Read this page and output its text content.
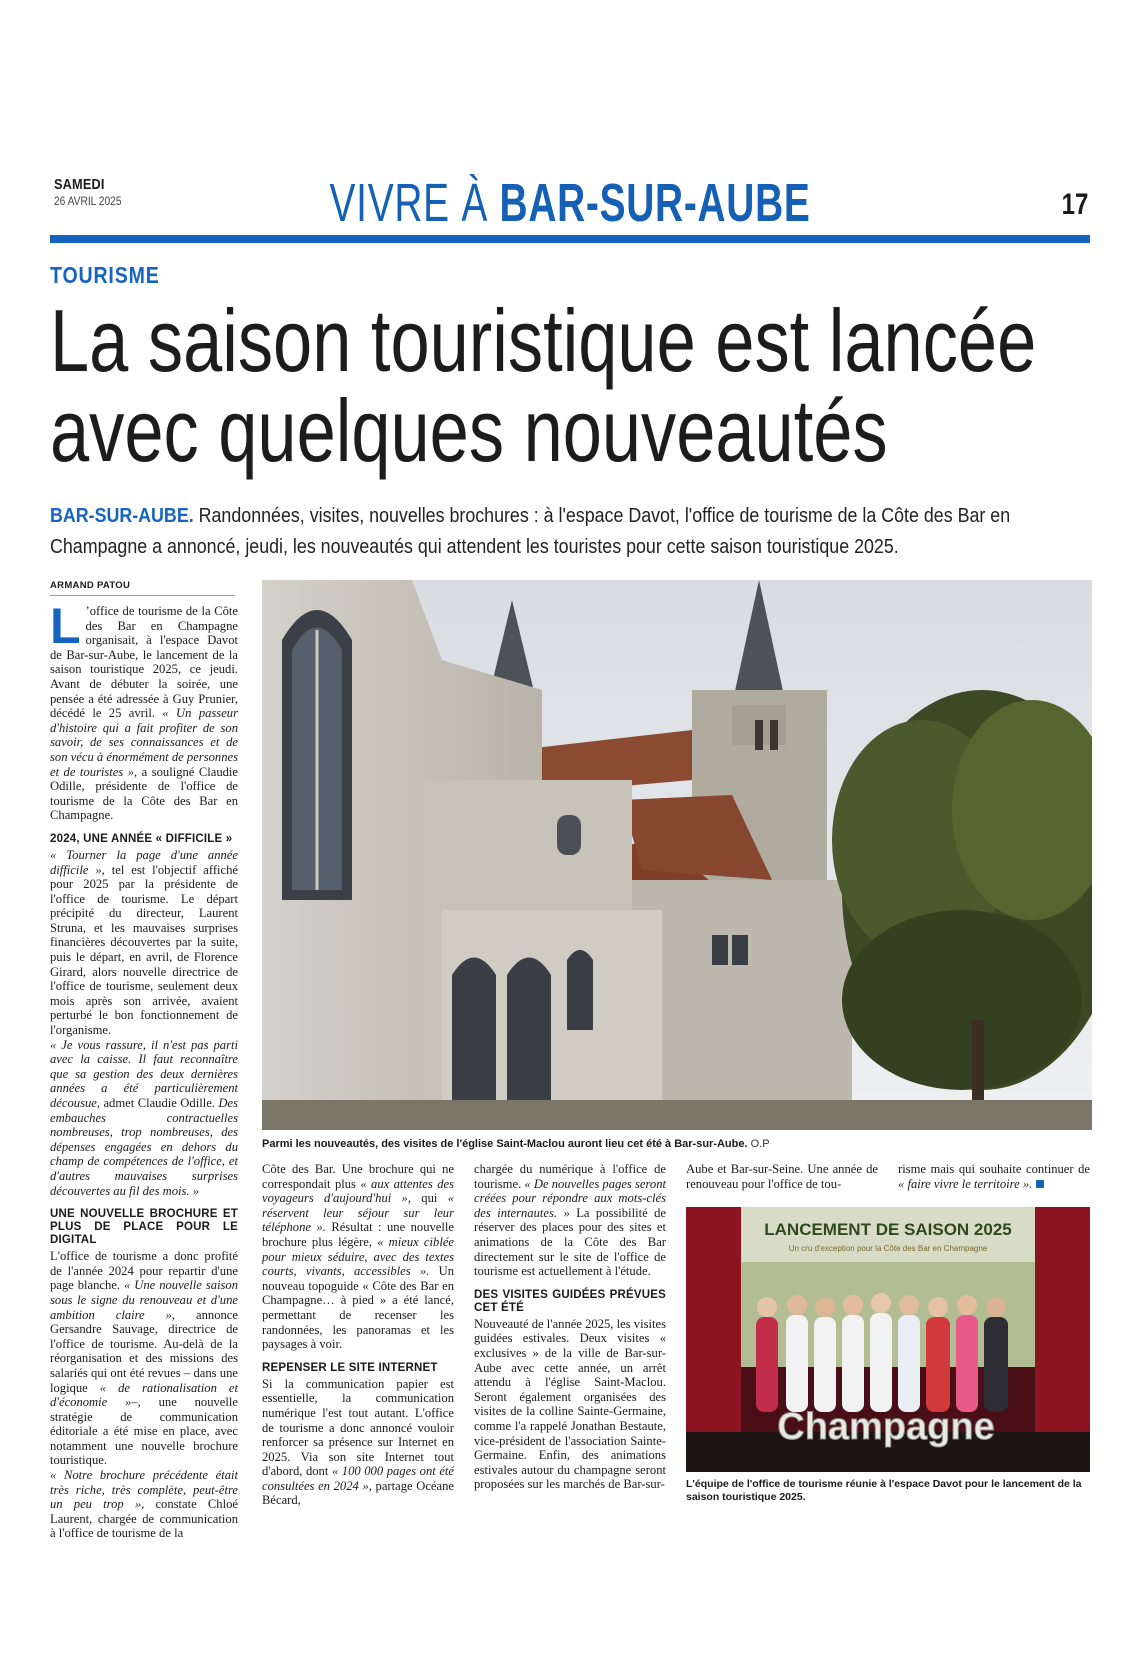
SAMEDI
26 AVRIL 2025	VIVRE À BAR-SUR-AUBE	17
TOURISME
La saison touristique est lancée
avec quelques nouveautés
BAR-SUR-AUBE. Randonnées, visites, nouvelles brochures : à l'espace Davot, l'office de tourisme de la Côte des Bar en Champagne a annoncé, jeudi, les nouveautés qui attendent les touristes pour cette saison touristique 2025.
ARMAND PATOU

L ’office de tourisme de la Côte des Bar en Champagne organisait, à l'espace Davot de Bar-sur-Aube, le lancement de la saison touristique 2025, ce jeudi. Avant de débuter la soirée, une pensée a été adressée à Guy Prunier, décédé le 25 avril. « Un passeur d'histoire qui a fait profiter de son savoir, de ses connaissances et de son vécu à énormément de personnes et de touristes », a souligné Claudie Odille, présidente de l'office de tourisme de la Côte des Bar en Champagne.

2024, UNE ANNÉE « DIFFICILE »

« Tourner la page d'une année difficile », tel est l'objectif affiché pour 2025 par la présidente de l'office de tourisme. Le départ précipité du directeur, Laurent Struna, et les mauvaises surprises financières découvertes par la suite, puis le départ, en avril, de Florence Girard, alors nouvelle directrice de l'office de tourisme, seulement deux mois après son arrivée, avaient perturbé le bon fonctionnement de l'organisme.

« Je vous rassure, il n'est pas parti avec la caisse. Il faut reconnaître que sa gestion des deux dernières années a été particulièrement décousue, admet Claudie Odille. Des embauches contractuelles nombreuses, trop nombreuses, des dépenses engagées en dehors du champ de compétences de l'office, et d'autres mauvaises surprises découvertes au fil des mois. »

UNE NOUVELLE BROCHURE ET PLUS DE PLACE POUR LE DIGITAL

L'office de tourisme a donc profité de l'année 2024 pour repartir d'une page blanche. « Une nouvelle saison sous le signe du renouveau et d'une ambition claire », annonce Gersandre Sauvage, directrice de l'office de tourisme. Au-delà de la réorganisation et des missions des salariés qui ont été revues – dans une logique « de rationalisation et d'économie »–, une nouvelle stratégie de communication éditoriale a été mise en place, avec notamment une nouvelle brochure touristique.

« Notre brochure précédente était très riche, très complète, peut-être un peu trop », constate Chloé Laurent, chargée de communication à l'office de tourisme de la

Parmi les nouveautés, des visites de l'église Saint-Maclou auront lieu cet été à Bar-sur-Aube. O.P

Côte des Bar. Une brochure qui ne correspondait plus « aux attentes des voyageurs d'aujourd'hui », qui « réservent leur séjour sur leur téléphone ». Résultat : une nouvelle brochure plus légère, « mieux ciblée pour mieux séduire, avec des textes courts, vivants, accessibles ». Un nouveau topoguide « Côte des Bar en Champagne… à pied » a été lancé, permettant de recenser les randonnées, les panoramas et les paysages à voir.

REPENSER LE SITE INTERNET

Si la communication papier est essentielle, la communication numérique l'est tout autant. L'office de tourisme a donc annoncé vouloir renforcer sa présence sur Internet en 2025. Via son site Internet tout d'abord, dont « 100 000 pages ont été consultées en 2024 », partage Océane Bécard,

chargée du numérique à l'office de tourisme. « De nouvelles pages seront créées pour répondre aux mots-clés des internautes. » La possibilité de réserver des places pour des sites et animations de la Côte des Bar directement sur le site de l'office de tourisme est actuellement à l'étude.

DES VISITES GUIDÉES PRÉVUES CET ÉTÉ

Nouveauté de l'année 2025, les visites guidées estivales. Deux visites « exclusives » de la ville de Bar-sur-Aube avec cette année, un arrêt attendu à l'église Saint-Maclou. Seront également organisées des visites de la colline Sainte-Germaine, comme l'a rappelé Jonathan Bestaute, vice-président de l'association Sainte-Germaine. Enfin, des animations estivales autour du champagne seront proposées sur les marchés de Bar-sur-

Aube et Bar-sur-Seine. Une année de renouveau pour l'office de tou-

risme mais qui souhaite continuer de « faire vivre le territoire ».

LANCEMENT DE SAISON 2025
Un cru d'exception pour la Côte des Bar en Champagne
Champagne
L'équipe de l'office de tourisme réunie à l'espace Davot pour le lancement de la saison touristique 2025.
